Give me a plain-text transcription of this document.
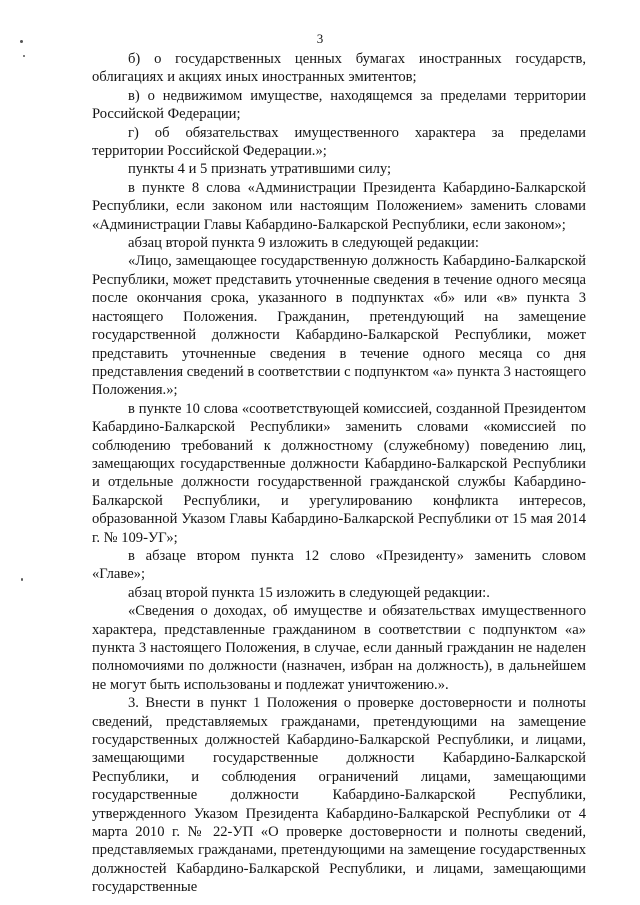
3

б) о государственных ценных бумагах иностранных государств, облигациях и акциях иных иностранных эмитентов;

в) о недвижимом имуществе, находящемся за пределами территории Российской Федерации;

г) об обязательствах имущественного характера за пределами территории Российской Федерации.»;

пункты 4 и 5 признать утратившими силу;

в пункте 8 слова «Администрации Президента Кабардино-Балкарской Республики, если законом или настоящим Положением» заменить словами «Администрации Главы Кабардино-Балкарской Республики, если законом»;

абзац второй пункта 9 изложить в следующей редакции:

«Лицо, замещающее государственную должность Кабардино-Балкарской Республики, может представить уточненные сведения в течение одного месяца после окончания срока, указанного в подпунктах «б» или «в» пункта 3 настоящего Положения. Гражданин, претендующий на замещение государственной должности Кабардино-Балкарской Республики, может представить уточненные сведения в течение одного месяца со дня представления сведений в соответствии с подпунктом «а» пункта 3 настоящего Положения.»;

в пункте 10 слова «соответствующей комиссией, созданной Президентом Кабардино-Балкарской Республики» заменить словами «комиссией по соблюдению требований к должностному (служебному) поведению лиц, замещающих государственные должности Кабардино-Балкарской Республики и отдельные должности государственной гражданской службы Кабардино-Балкарской Республики, и урегулированию конфликта интересов, образованной Указом Главы Кабардино-Балкарской Республики от 15 мая 2014 г. № 109-УГ»;

в абзаце втором пункта 12 слово «Президенту» заменить словом «Главе»;

абзац второй пункта 15 изложить в следующей редакции:.

«Сведения о доходах, об имуществе и обязательствах имущественного характера, представленные гражданином в соответствии с подпунктом «а» пункта 3 настоящего Положения, в случае, если данный гражданин не наделен полномочиями по должности (назначен, избран на должность), в дальнейшем не могут быть использованы и подлежат уничтожению.».

3. Внести в пункт 1 Положения о проверке достоверности и полноты сведений, представляемых гражданами, претендующими на замещение государственных должностей Кабардино-Балкарской Республики, и лицами, замещающими государственные должности Кабардино-Балкарской Республики, и соблюдения ограничений лицами, замещающими государственные должности Кабардино-Балкарской Республики, утвержденного Указом Президента Кабардино-Балкарской Республики от 4 марта 2010 г. № 22-УП «О проверке достоверности и полноты сведений, представляемых гражданами, претендующими на замещение государственных должностей Кабардино-Балкарской Республики, и лицами, замещающими государственные
